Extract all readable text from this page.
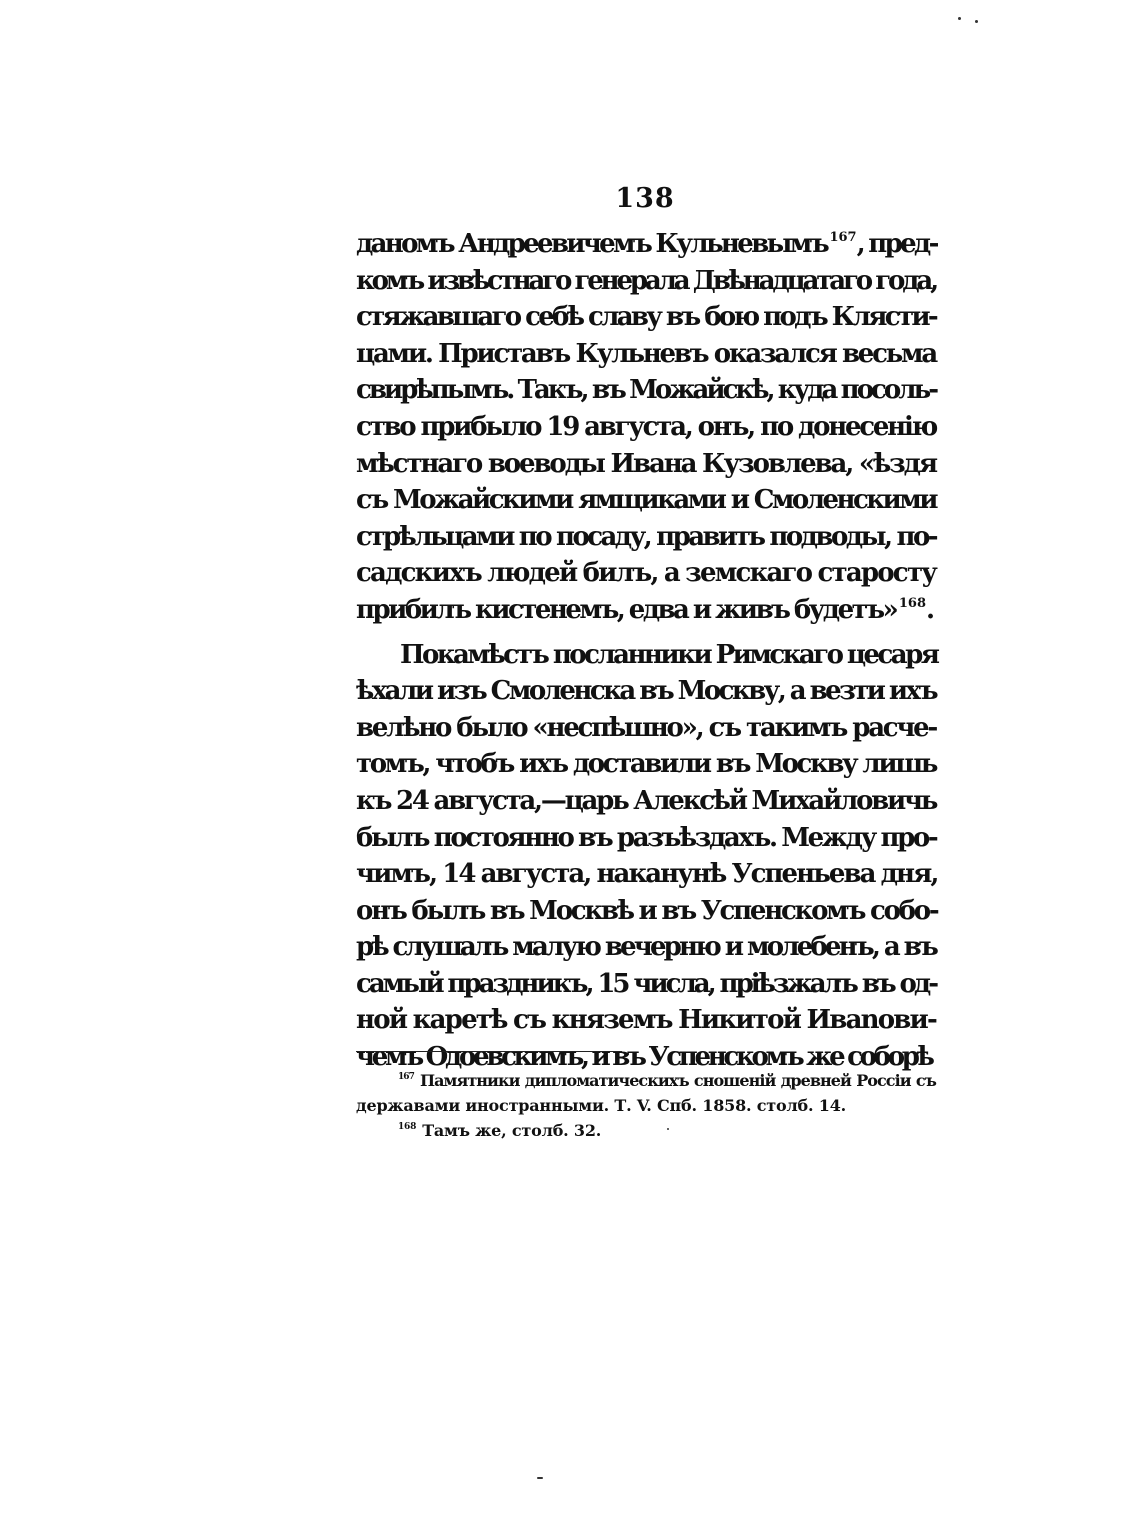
138
даномъ Андреевичемъ Кульневымъ  $^{167}$, пред-
комъ извѣстнаго генерала Двѣнадцатаго года,
стяжавшаго себѣ славу въ бою подъ Клясти-
цами. Приставъ Кульневъ оказался весьма
свирѣпымъ. Такъ, въ Можайскѣ, куда посоль-
ство прибыло 19 августа, онъ, по донесенію
мѣстнаго воеводы Ивана Кузовлева, «ѣздя
съ Можайскими ямщиками и Смоленскими
стрѣльцами по посаду, править подводы, по-
садскихъ людей билъ, а земскаго старосту
прибилъ кистенемъ, едва и живъ будетъ»  $^{168}$.
Покамѣстъ посланники Римскаго цесаря
ѣхали изъ Смоленска въ Москву, а везти ихъ
велѣно было «неспѣшно», съ такимъ расче-
томъ, чтобъ ихъ доставили въ Москву лишь
къ 24 августа,—царь Алексѣй Михайловичь
былъ постоянно въ разъѣздахъ. Между про-
чимъ, 14 августа, наканунѣ Успеньева дня,
онъ былъ въ Москвѣ и въ Успенскомъ собо-
рѣ слушалъ малую вечерню и молебенъ, а въ
самый праздникъ, 15 числа, пріѣзжалъ въ од-
ной каретѣ съ княземъ Никитой Ивanoви-
чемъ Одоевскимъ, и въ Успенскомъ же соборѣ
$^{167}$ Памятники дипломатическихъ сношеній древней Россіи съ
державами иностранными. Т. V. Спб. 1858. столб. 14.
$^{168}$ Тамъ же, столб. 32.
